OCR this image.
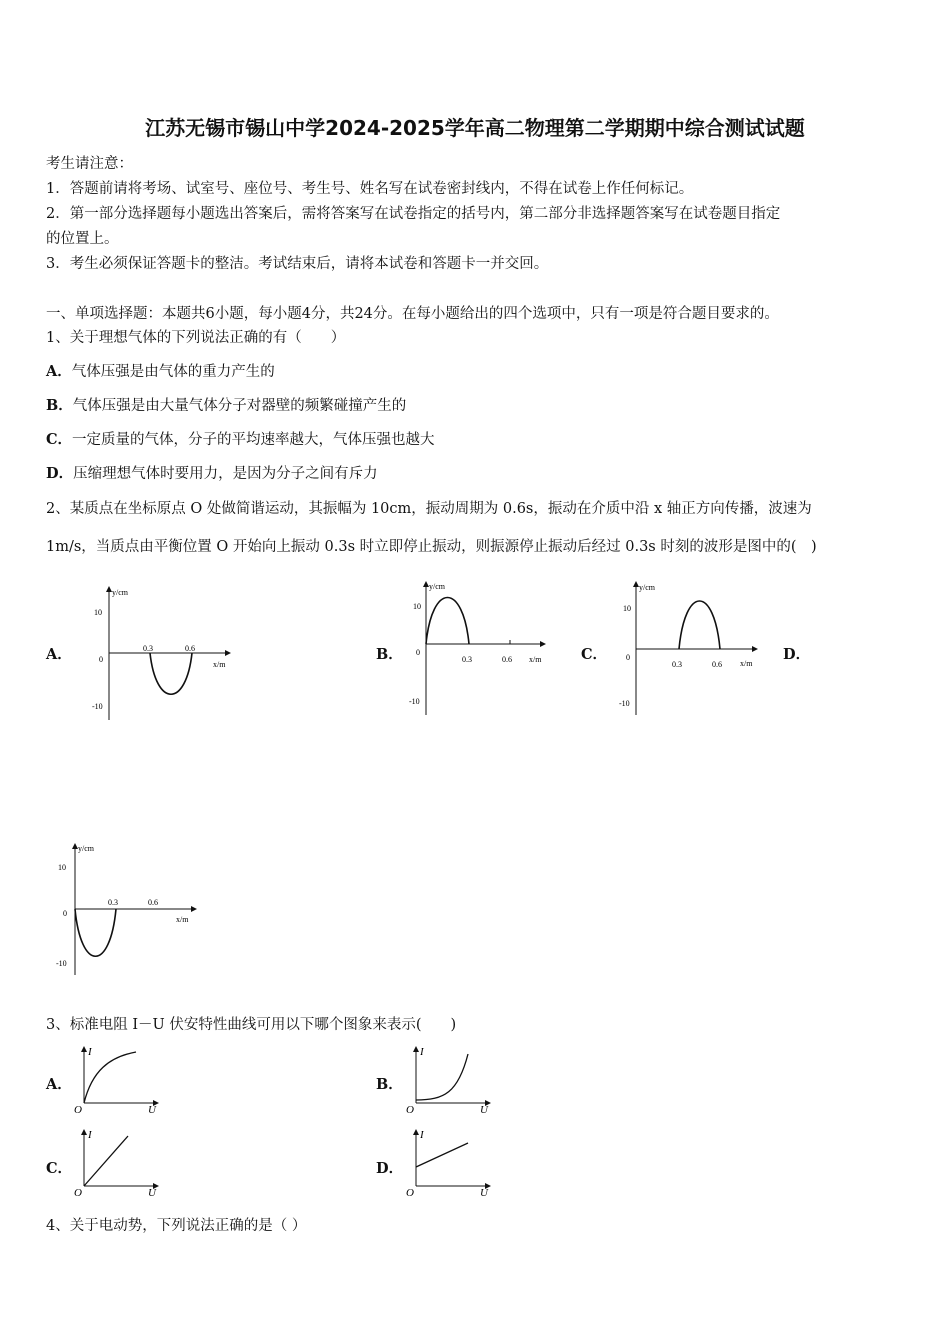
江苏无锡市锡山中学2024-2025学年高二物理第二学期期中综合测试试题
考生请注意：
1．答题前请将考场、试室号、座位号、考生号、姓名写在试卷密封线内，不得在试卷上作任何标记。
2．第一部分选择题每小题选出答案后，需将答案写在试卷指定的括号内，第二部分非选择题答案写在试卷题目指定
的位置上。
3．考生必须保证答题卡的整洁。考试结束后，请将本试卷和答题卡一并交回。
一、单项选择题：本题共6小题，每小题4分，共24分。在每小题给出的四个选项中，只有一项是符合题目要求的。
1、关于理想气体的下列说法正确的有（　　）
A．气体压强是由气体的重力产生的
B．气体压强是由大量气体分子对器壁的频繁碰撞产生的
C．一定质量的气体，分子的平均速率越大，气体压强也越大
D．压缩理想气体时要用力，是因为分子之间有斥力
2、某质点在坐标原点 O 处做简谐运动，其振幅为 10cm，振动周期为 0.6s，振动在介质中沿 x 轴正方向传播，波速为
1m/s，当质点由平衡位置 O 开始向上振动 0.3s 时立即停止振动，则振源停止振动后经过 0.3s 时刻的波形是图中的(　)
A．	B．	C．	D．
y/cm
x/m
10
-10
0
0.3	0.6
y/cm
x/m
10
-10
0
0.3	0.6
y/cm
x/m
10
-10
0
0.3	0.6
y/cm
x/m
10
-10
0
0.3	0.6
3、标准电阻 I－U 伏安特性曲线可用以下哪个图象来表示(　　)
A．	B．
C．	D．
I
U
O
I
U
O
I
U
O
I
U
O
4、关于电动势，下列说法正确的是（ ）
